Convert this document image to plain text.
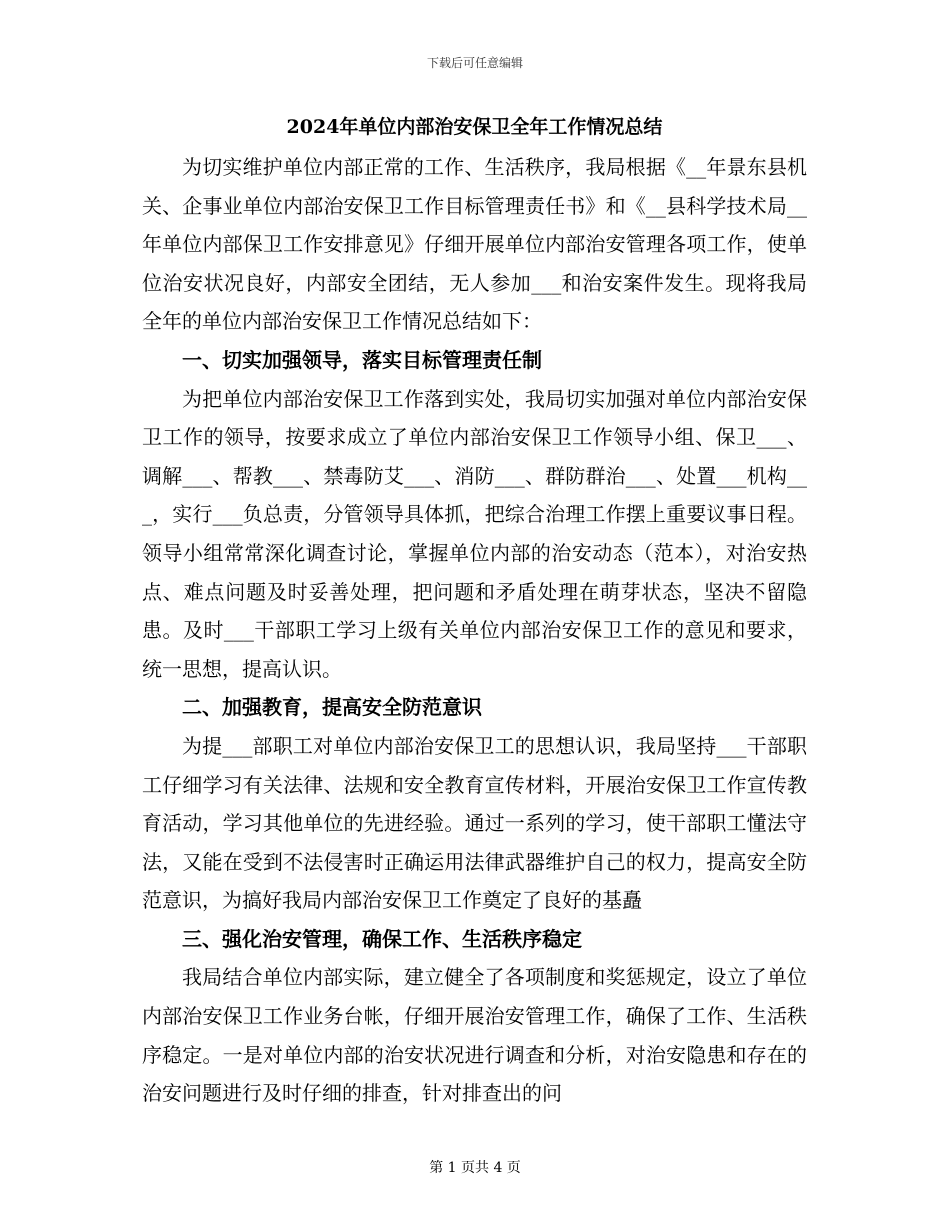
下载后可任意编辑
2024年单位内部治安保卫全年工作情况总结

为切实维护单位内部正常的工作、生活秩序，我局根据《__年景东县机关、企事业单位内部治安保卫工作目标管理责任书》和《__县科学技术局__年单位内部保卫工作安排意见》仔细开展单位内部治安管理各项工作，使单位治安状况良好，内部安全团结，无人参加___和治安案件发生。现将我局全年的单位内部治安保卫工作情况总结如下：

一、切实加强领导，落实目标管理责任制

为把单位内部治安保卫工作落到实处，我局切实加强对单位内部治安保卫工作的领导，按要求成立了单位内部治安保卫工作领导小组、保卫___、调解___、帮教___、禁毒防艾___、消防___、群防群治___、处置___机构___，实行___负总责，分管领导具体抓，把综合治理工作摆上重要议事日程。领导小组常常深化调查讨论，掌握单位内部的治安动态（范本），对治安热点、难点问题及时妥善处理，把问题和矛盾处理在萌芽状态，坚决不留隐患。及时___干部职工学习上级有关单位内部治安保卫工作的意见和要求，统一思想，提高认识。

二、加强教育，提高安全防范意识

为提___部职工对单位内部治安保卫工的思想认识，我局坚持___干部职工仔细学习有关法律、法规和安全教育宣传材料，开展治安保卫工作宣传教育活动，学习其他单位的先进经验。通过一系列的学习，使干部职工懂法守法，又能在受到不法侵害时正确运用法律武器维护自己的权力，提高安全防范意识，为搞好我局内部治安保卫工作奠定了良好的基矗

三、强化治安管理，确保工作、生活秩序稳定

我局结合单位内部实际，建立健全了各项制度和奖惩规定，设立了单位内部治安保卫工作业务台帐，仔细开展治安管理工作，确保了工作、生活秩序稳定。一是对单位内部的治安状况进行调查和分析，对治安隐患和存在的治安问题进行及时仔细的排查，针对排查出的问

第 1 页共 4 页
